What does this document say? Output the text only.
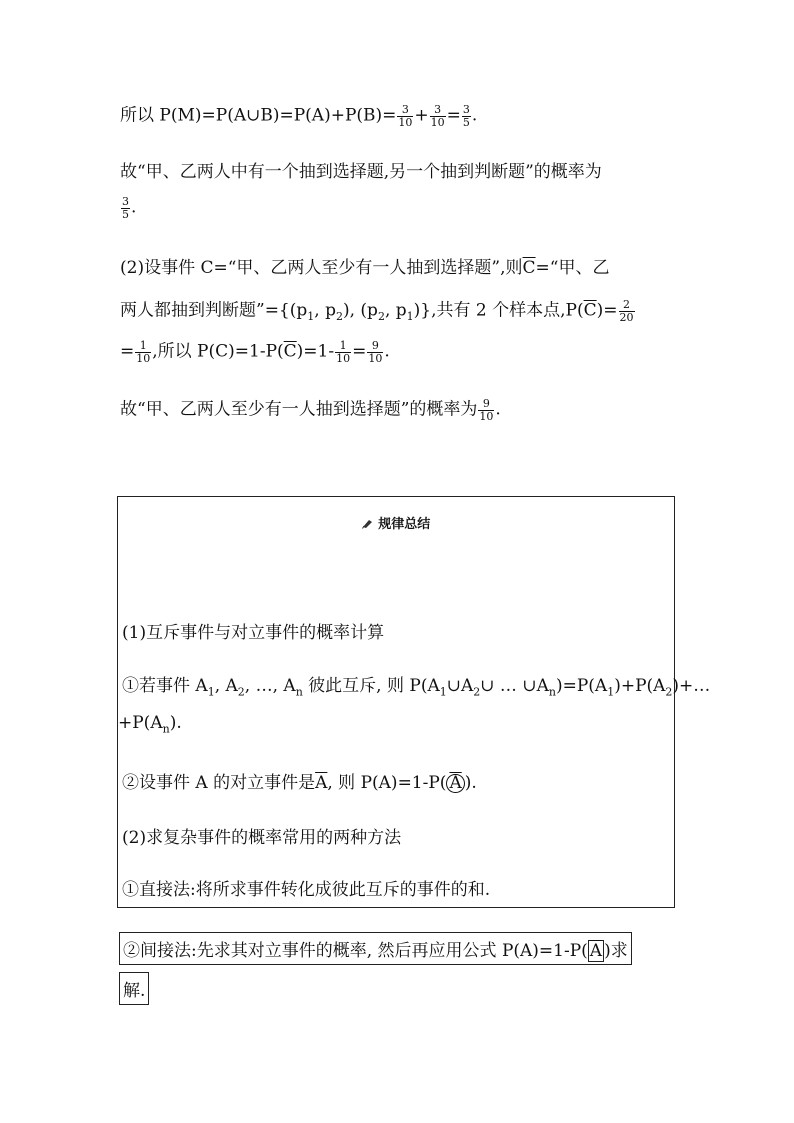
所以 P(M)=P(A∪B)=P(A)+P(B)= $\frac{3}{10} + \frac{3}{10} = \frac{3}{5}$ .
故“甲、乙两人中有一个抽到选择题,另一个抽到判断题”的概率为
$\frac{3}{5}$ .
(2)设事件 C=“甲、乙两人至少有一人抽到选择题”,则$\overline{C}=“$甲、乙
两人都抽到判断题$”=\{(p_1$, $p_2$), ($p_2$, $p_1$)},共有 2 个样本点$,P(\overline{C})= \frac{2}{20}$
= $\frac{1}{10}$ ,所以 $P(C)=1-P(\overline{C})=1- \frac{1}{10} = \frac{9}{10}$ .
故“甲、乙两人至少有一人抽到选择题”的概率为 $\frac{9}{10}$ .
规律总结
(1)互斥事件与对立事件的概率计算
①若事件 $A_1$, $A_2$, …, $A_n$ 彼此互斥, 则 $P(A_1\cup A_2\cup$ … $\cup A_n)=P(A_1)+P(A_2)+\dots$
$+P(A_n)$.
②设事件 A 的对立事件是$\overline{A}$, 则 P(A)=1-P( $\overline{A}$ ).
(2)求复杂事件的概率常用的两种方法
①直接法:将所求事件转化成彼此互斥的事件的和.
②间接法:先求其对立事件的概率, 然后再应用公式 P(A)=1-P( $\overline{A}$ )求
解.
